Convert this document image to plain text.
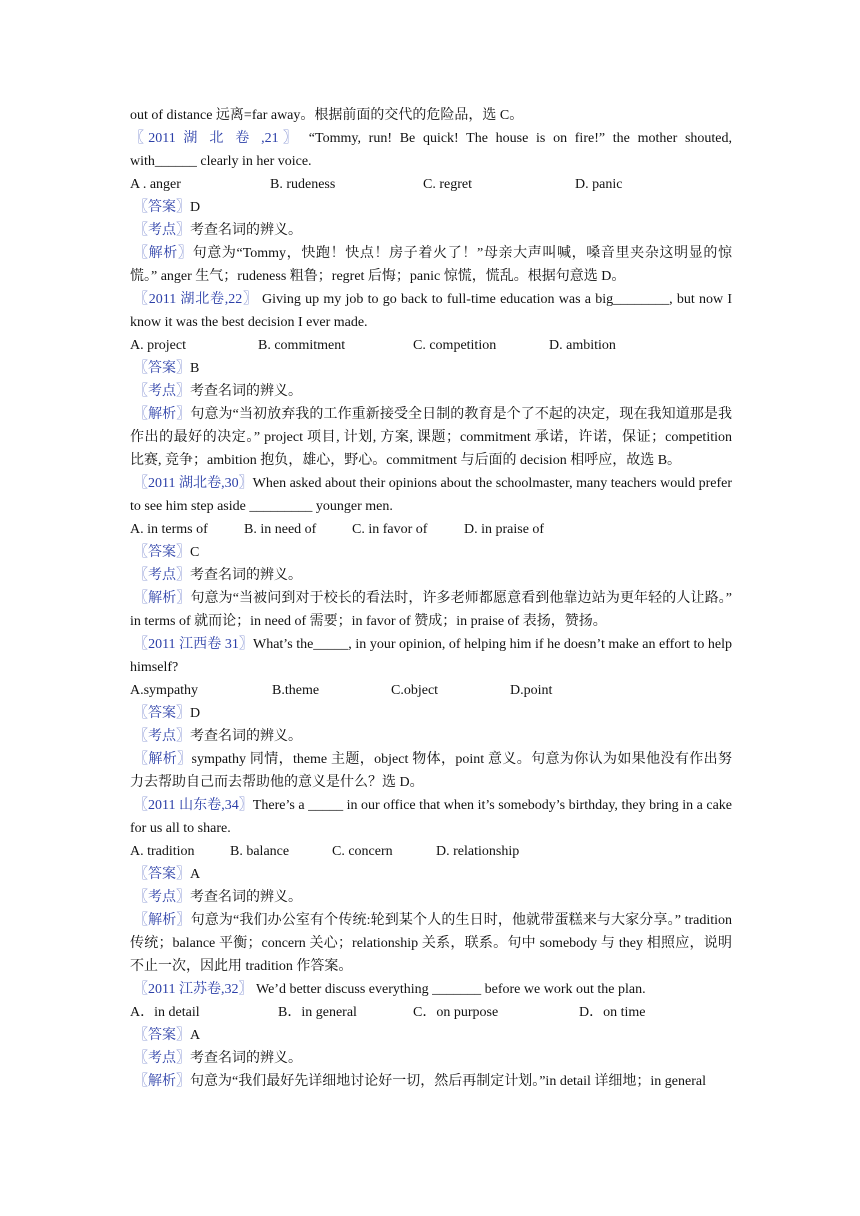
out of distance 远离=far away。根据前面的交代的危险品，选 C。
〖2011 湖 北 卷 ,21〗 “Tommy, run! Be quick! The house is on fire!” the mother shouted,
with______ clearly in her voice.
A . anger	B. rudeness	C. regret	D. panic
〖答案〗D
〖考点〗考查名词的辨义。
〖解析〗句意为“Tommy，快跑！快点！房子着火了！”母亲大声叫喊，嗓音里夹杂这明显的惊慌。” anger 生气；rudeness 粗鲁；regret 后悔；panic 惊慌，慌乱。根据句意选 D。
〖2011 湖北卷,22〗 Giving up my job to go back to full-time education was a big________, but now I know it was the best decision I ever made.
A. project	B. commitment	C. competition	D. ambition
〖答案〗B
〖考点〗考查名词的辨义。
〖解析〗句意为“当初放弃我的工作重新接受全日制的教育是个了不起的决定，现在我知道那是我作出的最好的决定。” project 项目, 计划, 方案, 课题；commitment 承诺，许诺，保证；competition 比赛, 竞争；ambition 抱负，雄心，野心。commitment 与后面的 decision 相呼应，故选 B。
〖2011 湖北卷,30〗When asked about their opinions about the schoolmaster, many teachers would prefer to see him step aside _________ younger men.
A. in terms of	B. in need of	C. in favor of	D. in praise of
〖答案〗C
〖考点〗考查名词的辨义。
〖解析〗句意为“当被问到对于校长的看法时，许多老师都愿意看到他靠边站为更年轻的人让路。” in terms of 就而论；in need of 需要；in favor of 赞成；in praise of 表扬，赞扬。
〖2011 江西卷 31〗What’s the_____, in your opinion, of helping him if he doesn’t make an effort to help himself?
A.sympathy	B.theme	C.object	D.point
〖答案〗D
〖考点〗考查名词的辨义。
〖解析〗sympathy 同情，theme 主题，object 物体，point 意义。句意为你认为如果他没有作出努力去帮助自己而去帮助他的意义是什么？选 D。
〖2011 山东卷,34〗There’s a _____ in our office that when it’s somebody’s birthday, they bring in a cake for us all to share.
A. tradition	B. balance	C. concern	D. relationship
〖答案〗A
〖考点〗考查名词的辨义。
〖解析〗句意为“我们办公室有个传统:轮到某个人的生日时，他就带蛋糕来与大家分享。” tradition 传统；balance 平衡；concern 关心；relationship 关系，联系。句中 somebody 与 they 相照应，说明不止一次，因此用 tradition 作答案。
〖2011 江苏卷,32〗 We’d better discuss everything _______ before we work out the plan.
A．in detail	B．in general	C．on purpose	D．on time
〖答案〗A
〖考点〗考查名词的辨义。
〖解析〗句意为“我们最好先详细地讨论好一切，然后再制定计划。”in detail 详细地；in general
